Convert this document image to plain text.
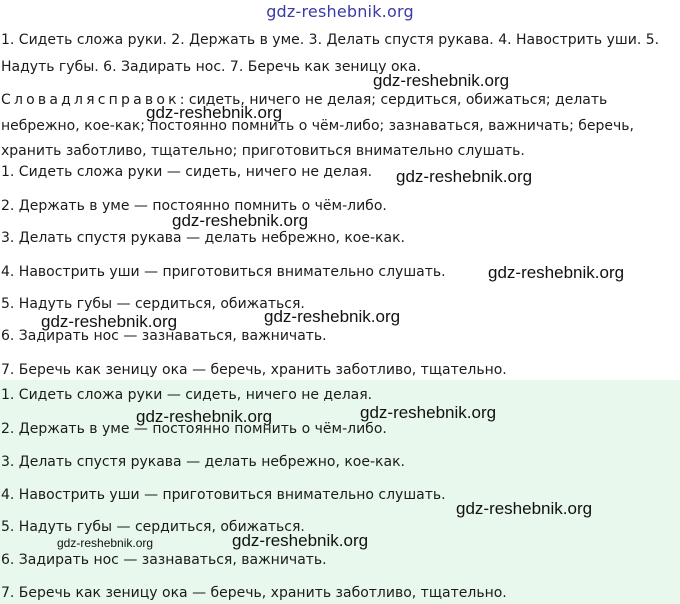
gdz-reshebnik.org
1. Сидеть сложа руки. 2. Держать в уме. 3. Делать спустя рукава. 4. Навострить уши. 5.
Надуть губы. 6. Задирать нос. 7. Беречь как зеницу ока.
Словадлясправок: сидеть, ничего не делая; сердиться, обижаться; делать
небрежно, кое-как; постоянно помнить о чём-либо; зазнаваться, важничать; беречь,
хранить заботливо, тщательно; приготовиться внимательно слушать.
1. Сидеть сложа руки — сидеть, ничего не делая.
2. Держать в уме — постоянно помнить о чём-либо.
3. Делать спустя рукава — делать небрежно, кое-как.
4. Навострить уши — приготовиться внимательно слушать.
5. Надуть губы — сердиться, обижаться.
6. Задирать нос — зазнаваться, важничать.
7. Беречь как зеницу ока — беречь, хранить заботливо, тщательно.
1. Сидеть сложа руки — сидеть, ничего не делая.
2. Держать в уме — постоянно помнить о чём-либо.
3. Делать спустя рукава — делать небрежно, кое-как.
4. Навострить уши — приготовиться внимательно слушать.
5. Надуть губы — сердиться, обижаться.
6. Задирать нос — зазнаваться, важничать.
7. Беречь как зеницу ока — беречь, хранить заботливо, тщательно.
gdz-reshebnik.org
gdz-reshebnik.org
gdz-reshebnik.org
gdz-reshebnik.org
gdz-reshebnik.org
gdz-reshebnik.org
gdz-reshebnik.org
gdz-reshebnik.org	gdz-reshebnik.org
gdz-reshebnik.org
gdz-reshebnik.org
gdz-reshebnik.org
